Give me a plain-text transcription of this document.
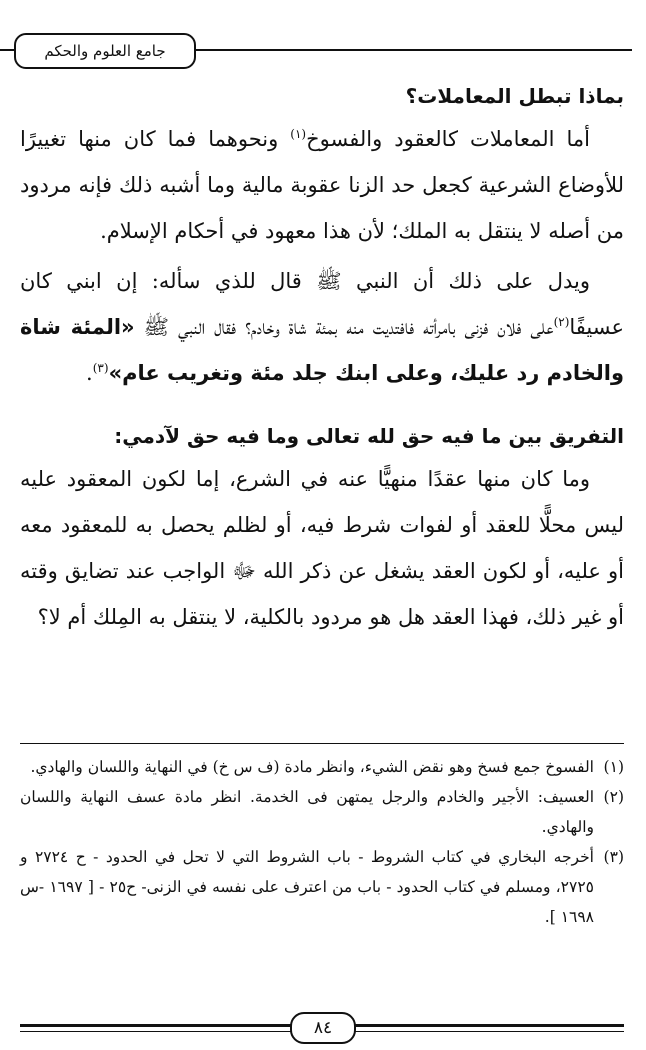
جامع العلوم والحكم
بماذا تبطل المعاملات؟

أما المعاملات كالعقود والفسوخ$^{(١)}$ ونحوهما فما كان منها تغييرًا للأوضاع الشرعية كجعل حد الزنا عقوبة مالية وما أشبه ذلك فإنه مردود من أصله لا ينتقل به الملك؛ لأن هذا معهود في أحكام الإسلام.

ويدل على ذلك أن النبي ﷺ قال للذي سأله: إن ابني كان عسيفًا$^{(٢)}$على فلان فزنى بامرأته فافتديت منه بمئة شاة وخادم؟ فقال النبي ﷺ «المئة شاة والخادم رد عليك، وعلى ابنك جلد مئة وتغريب عام»$^{(٣)}$.

التفريق بين ما فيه حق لله تعالى وما فيه حق لآدمي:

وما كان منها عقدًا منهيًّا عنه في الشرع، إما لكون المعقود عليه ليس محلًّا للعقد أو لفوات شرط فيه، أو لظلم يحصل به للمعقود معه أو عليه، أو لكون العقد يشغل عن ذكر الله ﷻ الواجب عند تضايق وقته أو غير ذلك، فهذا العقد هل هو مردود بالكلية، لا ينتقل به المِلك أم لا؟

(١)
الفسوخ جمع فسخ وهو نقض الشيء، وانظر مادة (ف س خ) في النهاية واللسان والهادي.
(٢)
العسيف: الأجير والخادم والرجل يمتهن فى الخدمة. انظر مادة عسف النهاية واللسان والهادي.
(٣)
أخرجه البخاري في كتاب الشروط - باب الشروط التي لا تحل في الحدود - ح ٢٧٢٤ و ٢٧٢٥، ومسلم في كتاب الحدود - باب من اعترف على نفسه في الزنى- ح٢٥ - [ ١٦٩٧ -س ١٦٩٨ ].
٨٤
